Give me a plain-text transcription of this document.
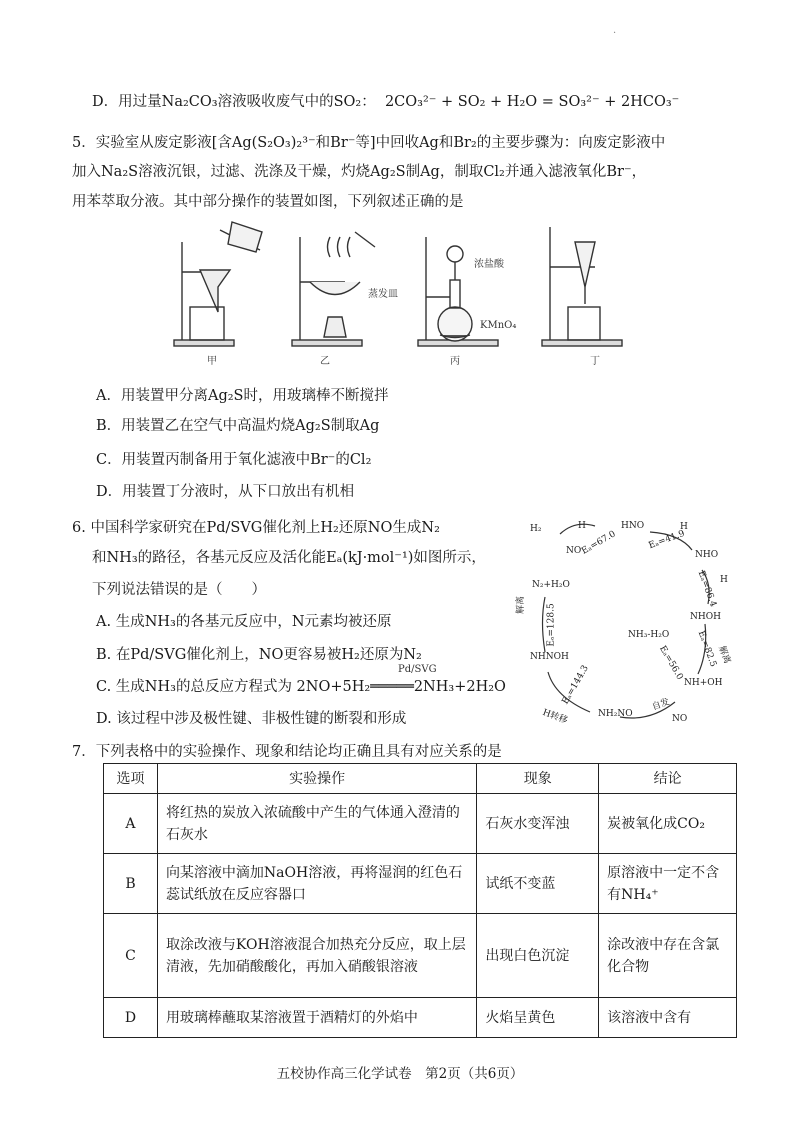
·
D．用过量Na₂CO₃溶液吸收废气中的SO₂： 2CO₃²⁻ + SO₂ + H₂O = SO₃²⁻ + 2HCO₃⁻
5．实验室从废定影液[含Ag(S₂O₃)₂³⁻和Br⁻等]中回收Ag和Br₂的主要步骤为：向废定影液中
加入Na₂S溶液沉银，过滤、洗涤及干燥，灼烧Ag₂S制Ag，制取Cl₂并通入滤液氧化Br⁻，
用苯萃取分液。其中部分操作的装置如图，下列叙述正确的是
甲	乙	丙	丁
蒸发皿
浓盐酸
KMnO₄
A．用装置甲分离Ag₂S时，用玻璃棒不断搅拌
B．用装置乙在空气中高温灼烧Ag₂S制取Ag
C．用装置丙制备用于氧化滤液中Br⁻的Cl₂
D．用装置丁分液时，从下口放出有机相
6. 中国科学家研究在Pd/SVG催化剂上H₂还原NO生成N₂
和NH₃的路径，各基元反应及活化能Eₐ(kJ·mol⁻¹)如图所示，
下列说法错误的是（　　）
A. 生成NH₃的各基元反应中，N元素均被还原
B. 在Pd/SVG催化剂上，NO更容易被H₂还原为N₂
Pd/SVG
C. 生成NH₃的总反应方程式为 2NO+5H₂═════2NH₃+2H₂O
D. 该过程中涉及极性键、非极性键的断裂和形成
H₂	H
NO
Eₐ=67.0
HNO
Eₐ=41.9
H
NHO
Eₐ=86.4 H
NHOH
Eₐ=82.5
解离
NH+OH
NH₃-H₂O
Eₐ=56.0
自发
NO
NH₂NO
H转移
Eₐ=144.3
NHNOH
Eₐ=128.5
解离
N₂+H₂O
7．下列表格中的实验操作、现象和结论均正确且具有对应关系的是
选项	实验操作	现象	结论
A	将红热的炭放入浓硫酸中产生的气体通入澄清的石灰水	石灰水变浑浊	炭被氧化成CO₂
B	向某溶液中滴加NaOH溶液，再将湿润的红色石蕊试纸放在反应容器口	试纸不变蓝	原溶液中一定不含有NH₄⁺
C	取涂改液与KOH溶液混合加热充分反应，取上层清液，先加硝酸酸化，再加入硝酸银溶液	出现白色沉淀	涂改液中存在含氯化合物
D	用玻璃棒蘸取某溶液置于酒精灯的外焰中	火焰呈黄色	该溶液中含有
五校协作高三化学试卷　第2页（共6页）
